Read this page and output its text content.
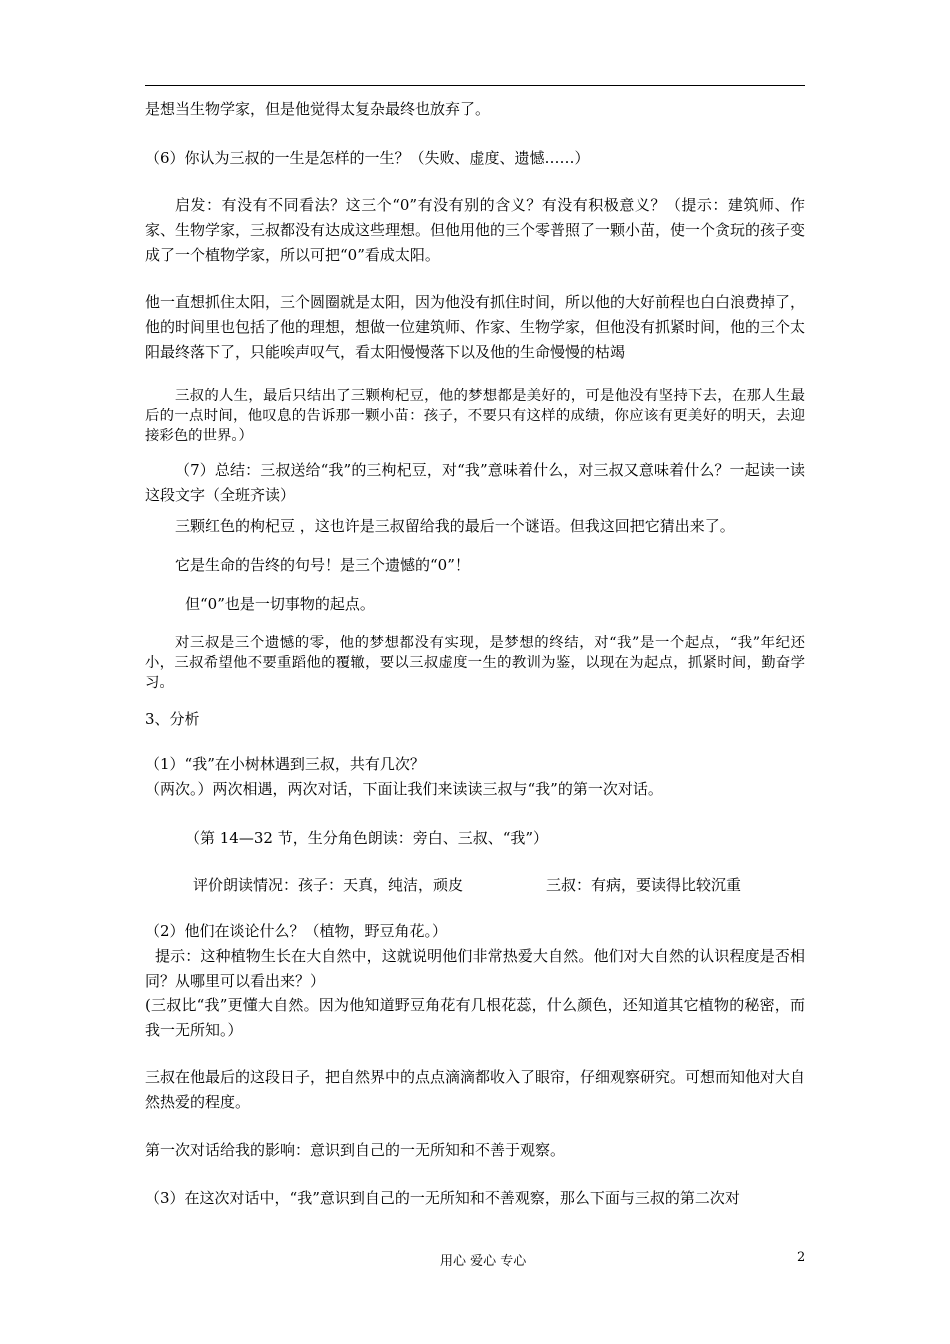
是想当生物学家，但是他觉得太复杂最终也放弃了。
（6）你认为三叔的一生是怎样的一生？（失败、虚度、遗憾……）
启发：有没有不同看法？这三个“0”有没有别的含义？有没有积极意义？（提示：建筑师、作家、生物学家，三叔都没有达成这些理想。但他用他的三个零普照了一颗小苗，使一个贪玩的孩子变成了一个植物学家，所以可把“0”看成太阳。
他一直想抓住太阳，三个圆圈就是太阳，因为他没有抓住时间，所以他的大好前程也白白浪费掉了，他的时间里也包括了他的理想，想做一位建筑师、作家、生物学家，但他没有抓紧时间，他的三个太阳最终落下了，只能唉声叹气，看太阳慢慢落下以及他的生命慢慢的枯竭
三叔的人生，最后只结出了三颗枸杞豆，他的梦想都是美好的，可是他没有坚持下去，在那人生最后的一点时间，他叹息的告诉那一颗小苗：孩子，不要只有这样的成绩，你应该有更美好的明天，去迎接彩色的世界。）
（7）总结：三叔送给“我”的三枸杞豆，对“我”意味着什么，对三叔又意味着什么？一起读一读这段文字（全班齐读）
三颗红色的枸杞豆 ，这也许是三叔留给我的最后一个谜语。但我这回把它猜出来了。
它是生命的告终的句号！是三个遗憾的“0”！
但“0”也是一切事物的起点。
对三叔是三个遗憾的零，他的梦想都没有实现，是梦想的终结，对“我”是一个起点，“我”年纪还小，三叔希望他不要重蹈他的覆辙，要以三叔虚度一生的教训为鉴，以现在为起点，抓紧时间，勤奋学习。
3、分析
（1）“我”在小树林遇到三叔，共有几次？
（两次。）两次相遇，两次对话，下面让我们来读读三叔与“我”的第一次对话。
（第 14—32 节，生分角色朗读：旁白、三叔、“我”）
评价朗读情况：孩子：天真，纯洁，顽皮	三叔：有病，要读得比较沉重
（2）他们在谈论什么？（植物，野豆角花。）
提示：这种植物生长在大自然中，这就说明他们非常热爱大自然。他们对大自然的认识程度是否相同？从哪里可以看出来？）
(三叔比“我”更懂大自然。因为他知道野豆角花有几根花蕊，什么颜色，还知道其它植物的秘密，而我一无所知。）
三叔在他最后的这段日子，把自然界中的点点滴滴都收入了眼帘，仔细观察研究。可想而知他对大自然热爱的程度。
第一次对话给我的影响：意识到自己的一无所知和不善于观察。
（3）在这次对话中，“我”意识到自己的一无所知和不善观察，那么下面与三叔的第二次对
用心 爱心 专心	2
